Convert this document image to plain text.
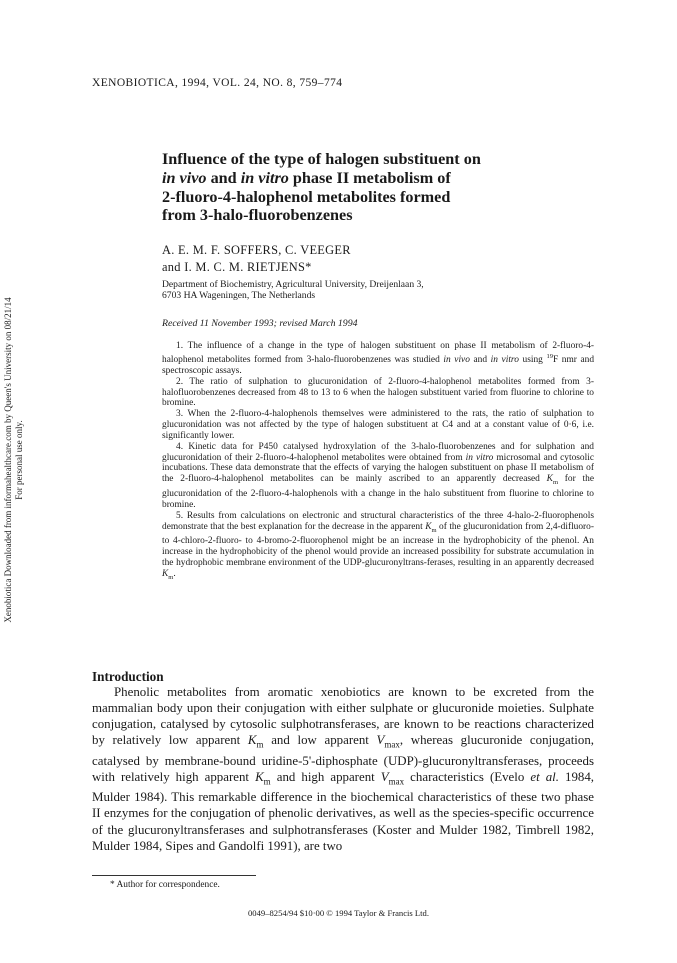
XENOBIOTICA, 1994, VOL. 24, NO. 8, 759–774
Influence of the type of halogen substituent on
in vivo and in vitro phase II metabolism of
2-fluoro-4-halophenol metabolites formed
from 3-halo-fluorobenzenes
A. E. M. F. SOFFERS, C. VEEGER
and I. M. C. M. RIETJENS*
Department of Biochemistry, Agricultural University, Dreijenlaan 3,
6703 HA Wageningen, The Netherlands
Received 11 November 1993; revised March 1994

1. The influence of a change in the type of halogen substituent on phase II metabolism of 2-fluoro-4-halophenol metabolites formed from 3-halo-fluorobenzenes was studied in vivo and in vitro using $^{19}$F nmr and spectroscopic assays.

2. The ratio of sulphation to glucuronidation of 2-fluoro-4-halophenol metabolites formed from 3-halofluorobenzenes decreased from 48 to 13 to 6 when the halogen substituent varied from fluorine to chlorine to bromine.

3. When the 2-fluoro-4-halophenols themselves were administered to the rats, the ratio of sulphation to glucuronidation was not affected by the type of halogen substituent at C4 and at a constant value of 0·6, i.e. significantly lower.

4. Kinetic data for P450 catalysed hydroxylation of the 3-halo-fluorobenzenes and for sulphation and glucuronidation of their 2-fluoro-4-halophenol metabolites were obtained from in vitro microsomal and cytosolic incubations. These data demonstrate that the effects of varying the halogen substituent on phase II metabolism of the 2-fluoro-4-halophenol metabolites can be mainly ascribed to an apparently decreased $K_m$ for the glucuronidation of the 2-fluoro-4-halophenols with a change in the halo substituent from fluorine to chlorine to bromine.

5. Results from calculations on electronic and structural characteristics of the three 4-halo-2-fluorophenols demonstrate that the best explanation for the decrease in the apparent $K_m$ of the glucuronidation from 2,4-difluoro- to 4-chloro-2-fluoro- to 4-bromo-2-fluorophenol might be an increase in the hydrophobicity of the phenol. An increase in the hydrophobicity of the phenol would provide an increased possibility for substrate accumulation in the hydrophobic membrane environment of the UDP-glucuronyltrans-ferases, resulting in an apparently decreased $K_m$.

Xenobiotica Downloaded from informahealthcare.com by Queen's University on 08/21/14 For personal use only.
Introduction

Phenolic metabolites from aromatic xenobiotics are known to be excreted from the mammalian body upon their conjugation with either sulphate or glucuronide moieties. Sulphate conjugation, catalysed by cytosolic sulphotransferases, are known to be reactions characterized by relatively low apparent $K_m$ and low apparent $V_{max}$, whereas glucuronide conjugation, catalysed by membrane-bound uridine-5'-diphosphate (UDP)-glucuronyltransferases, proceeds with relatively high apparent $K_m$ and high apparent $V_{max}$ characteristics (Evelo et al. 1984, Mulder 1984). This remarkable difference in the biochemical characteristics of these two phase II enzymes for the conjugation of phenolic derivatives, as well as the species-specific occurrence of the glucuronyltransferases and sulphotransferases (Koster and Mulder 1982, Timbrell 1982, Mulder 1984, Sipes and Gandolfi 1991), are two

* Author for correspondence.
0049–8254/94 $10·00 © 1994 Taylor & Francis Ltd.
